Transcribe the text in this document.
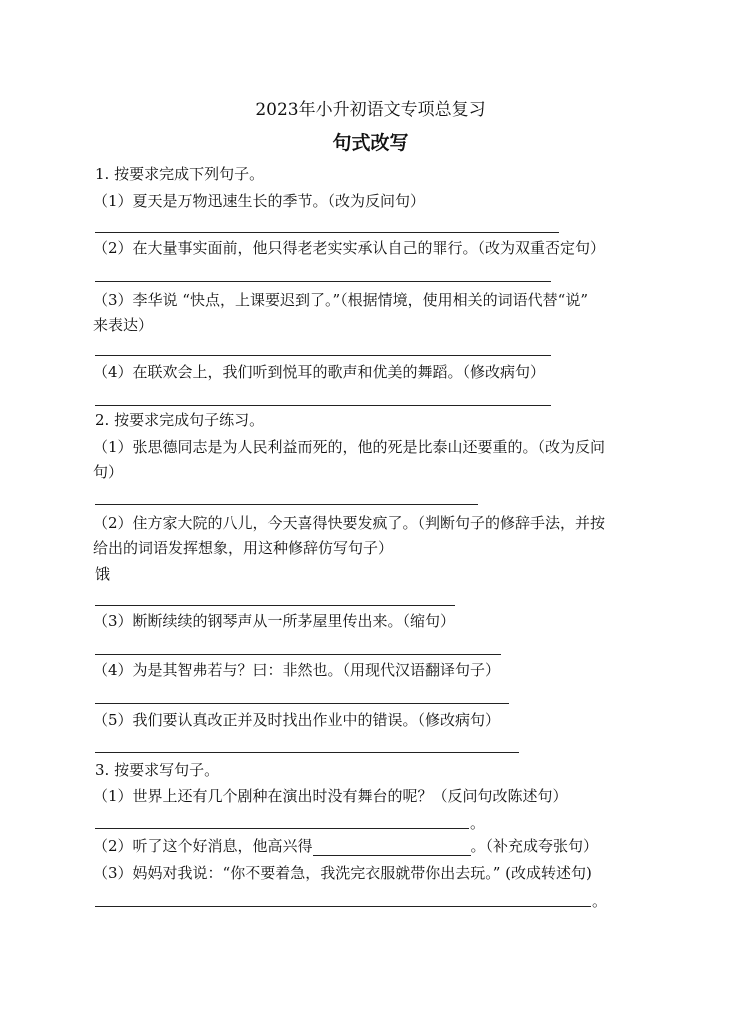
2023年小升初语文专项总复习
句式改写
1. 按要求完成下列句子。
（1）夏天是万物迅速生长的季节。（改为反问句）
（2）在大量事实面前，他只得老老实实承认自己的罪行。（改为双重否定句）
（3）李华说 “快点，上课要迟到了。”（根据情境，使用相关的词语代替“说”
来表达）
（4）在联欢会上，我们听到悦耳的歌声和优美的舞蹈。（修改病句）
2. 按要求完成句子练习。
（1）张思德同志是为人民利益而死的，他的死是比泰山还要重的。（改为反问
句）
（2）住方家大院的八儿，今天喜得快要发疯了。（判断句子的修辞手法，并按
给出的词语发挥想象，用这种修辞仿写句子）
饿
（3）断断续续的钢琴声从一所茅屋里传出来。（缩句）
（4）为是其智弗若与？曰：非然也。（用现代汉语翻译句子）
（5）我们要认真改正并及时找出作业中的错误。（修改病句）
3. 按要求写句子。
（1）世界上还有几个剧种在演出时没有舞台的呢？（反问句改陈述句）
。
（2）听了这个好消息，他高兴得	。（补充成夸张句）
（3）妈妈对我说：“你不要着急，我洗完衣服就带你出去玩。” (改成转述句)
。
